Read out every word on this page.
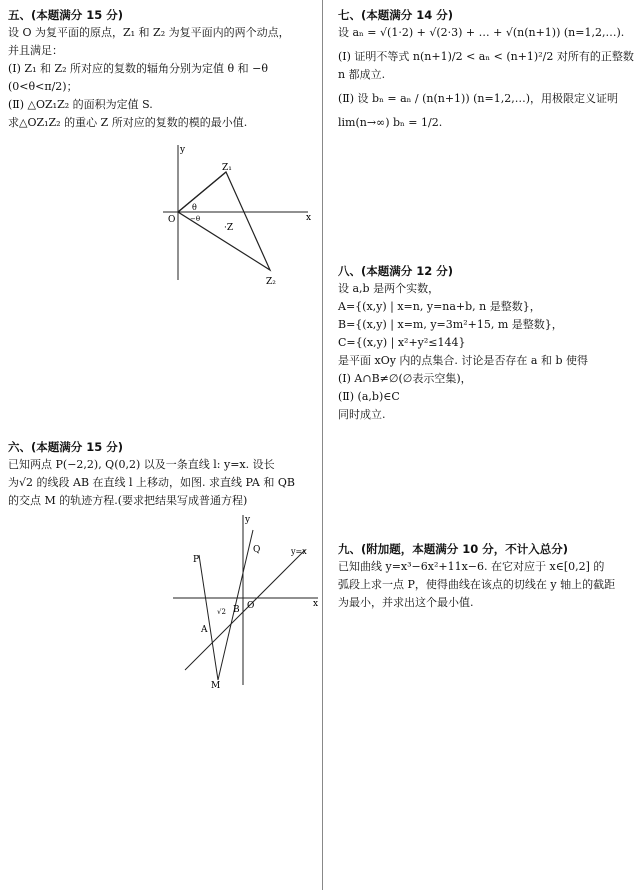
五、(本题满分 15 分)
设 O 为复平面的原点，Z₁ 和 Z₂ 为复平面内的两个动点，
并且满足：
(Ⅰ) Z₁ 和 Z₂ 所对应的复数的辐角分别为定值 θ 和 −θ
(0<θ<π/2)；
(Ⅱ) △OZ₁Z₂ 的面积为定值 S.
求△OZ₁Z₂ 的重心 Z 所对应的复数的模的最小值.
y
x
O
Z₁
Z₂
·Z
θ
−θ
六、(本题满分 15 分)
已知两点 P(−2,2), Q(0,2) 以及一条直线 l: y=x. 设长
为√2 的线段 AB 在直线 l 上移动，如图. 求直线 PA 和 QB
的交点 M 的轨迹方程.(要求把结果写成普通方程)
y
x
O
P
Q
A
B
M
y=x
√2
七、(本题满分 14 分)
设 aₙ = √(1·2) + √(2·3) + … + √(n(n+1)) (n=1,2,…).
(Ⅰ) 证明不等式 n(n+1)/2 < aₙ < (n+1)²/2 对所有的正整数
n 都成立.
(Ⅱ) 设 bₙ = aₙ / (n(n+1)) (n=1,2,…)，用极限定义证明
lim(n→∞) bₙ = 1/2.
八、(本题满分 12 分)
设 a,b 是两个实数，
A={(x,y) | x=n, y=na+b, n 是整数}，
B={(x,y) | x=m, y=3m²+15, m 是整数}，
C={(x,y) | x²+y²≤144}
是平面 xOy 内的点集合. 讨论是否存在 a 和 b 使得
(Ⅰ) A∩B≠∅(∅表示空集)，
(Ⅱ) (a,b)∈C
同时成立.
九、(附加题，本题满分 10 分，不计入总分)
已知曲线 y=x³−6x²+11x−6. 在它对应于 x∈[0,2] 的
弧段上求一点 P，使得曲线在该点的切线在 y 轴上的截距
为最小，并求出这个最小值.
